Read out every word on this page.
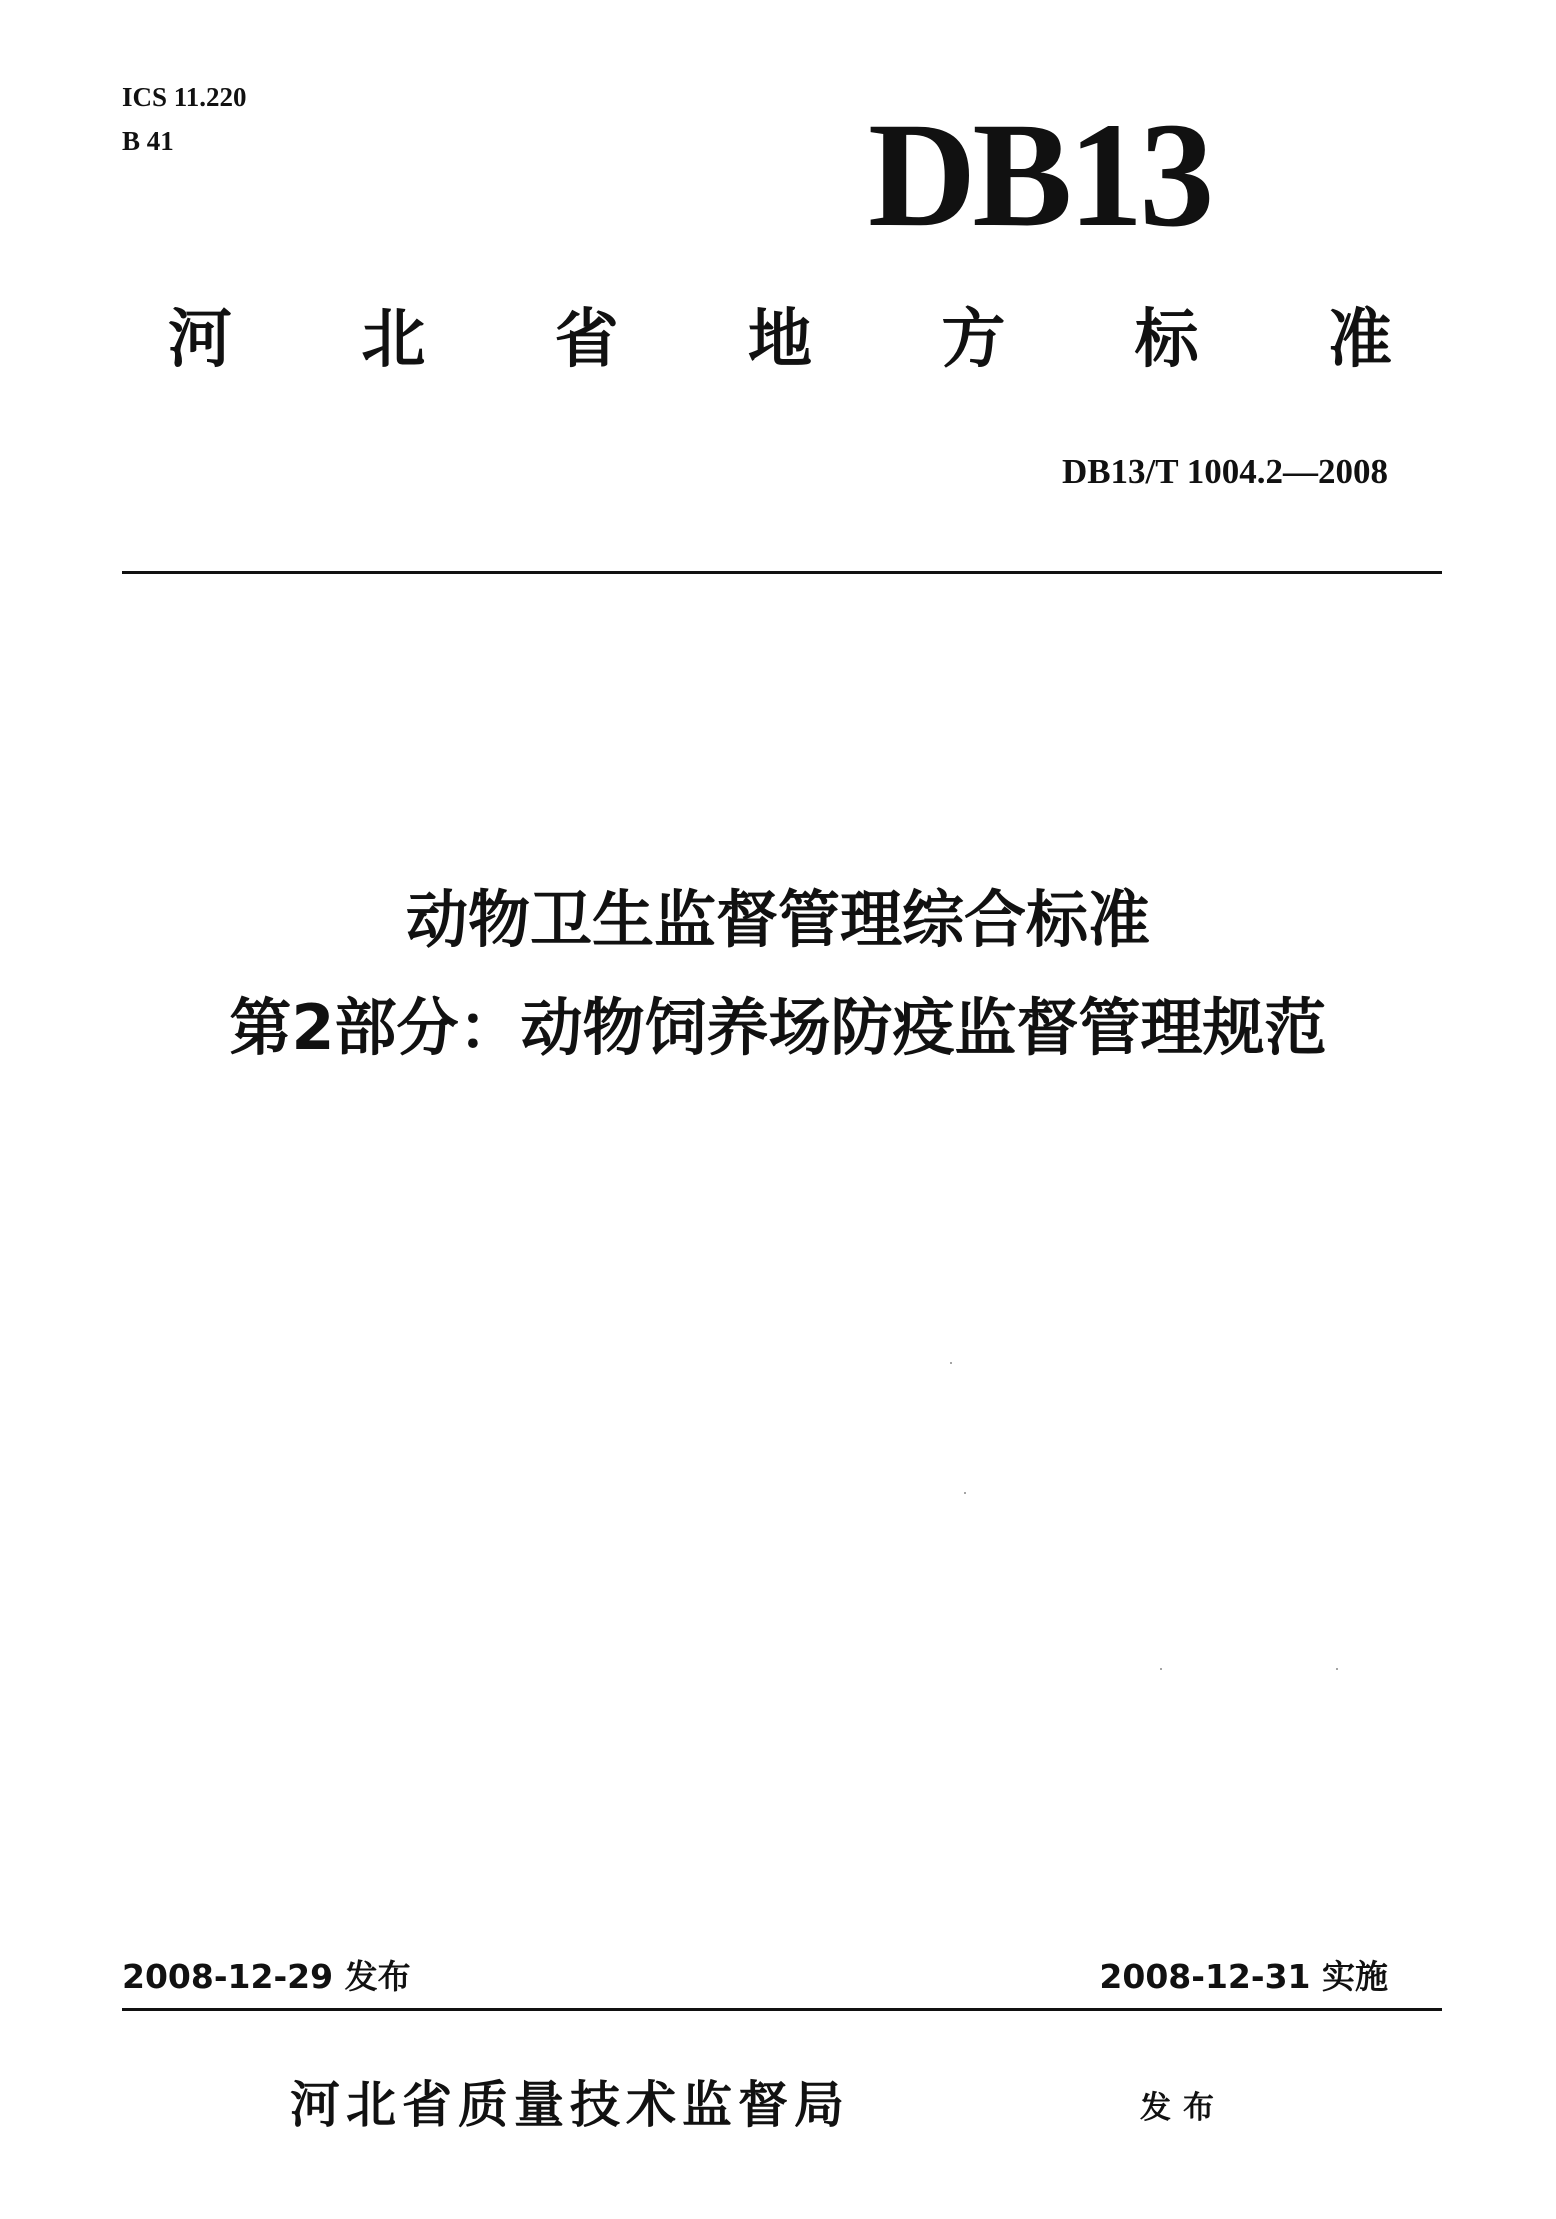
ICS 11.220
B 41	DB13
河 北 省 地 方 标 准
DB13/T 1004.2—2008
动物卫生监督管理综合标准
第2部分：动物饲养场防疫监督管理规范
2008-12-29 发布	2008-12-31 实施
河北省质量技术监督局	发布
